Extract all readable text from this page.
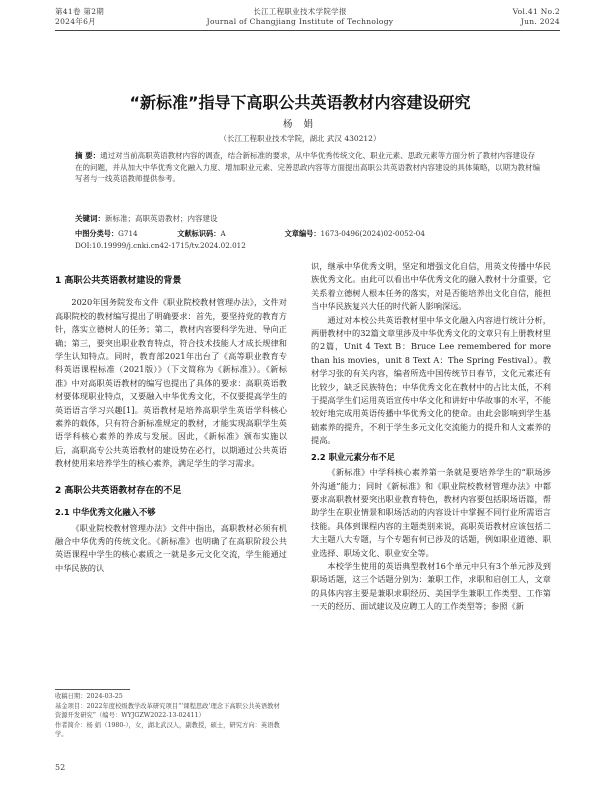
第41卷 第2期
2024年6月
长江工程职业技术学院学报
Journal of Changjiang Institute of Technology
Vol.41 No.2
Jun. 2024
“新标准”指导下高职公共英语教材内容建设研究
杨 娟
（长江工程职业技术学院，湖北 武汉 430212）
摘 要：通过对当前高职英语教材内容的调查，结合新标准的要求，从中华优秀传统文化、职业元素、思政元素等方面分析了教材内容建设存在的问题，并从加大中华优秀文化融入力度、增加职业元素、完善思政内容等方面提出高职公共英语教材内容建设的具体策略，以期为教材编写者与一线英语教师提供参考。
关键词：新标准；高职英语教材；内容建设
中图分类号：G714	文献标识码：A	文章编号：1673-0496(2024)02-0052-04
DOI:10.19999/j.cnki.cn42-1715/tv.2024.02.012

1 高职公共英语教材建设的背景

2020年国务院发布文件《职业院校教材管理办法》，文件对高职院校的教材编写提出了明确要求：首先，要坚持党的教育方针，落实立德树人的任务；第二，教材内容要科学先进、导向正确；第三，要突出职业教育特点，符合技术技能人才成长规律和学生认知特点。同时，教育部2021年出台了《高等职业教育专科英语课程标准（2021版）》（下文简称为《新标准》）。《新标准》中对高职英语教材的编写也提出了具体的要求：高职英语教材要体现职业特点，又要融入中华优秀文化，不仅要提高学生的英语语言学习兴趣[1]。英语教材是培养高职学生英语学科核心素养的载体，只有符合新标准规定的教材，才能实现高职学生英语学科核心素养的养成与发展。因此，《新标准》颁布实施以后，高职高专公共英语教材的建设势在必行，以期通过公共英语教材使用来培养学生的核心素养，满足学生的学习需求。

2 高职公共英语教材存在的不足

2.1 中华优秀文化融入不够

《职业院校教材管理办法》文件中指出，高职教材必须有机融合中华优秀的传统文化。《新标准》也明确了在高职阶段公共英语课程中学生的核心素质之一就是多元文化交流，学生能通过中华民族的认

识，继承中华优秀文明，坚定和增强文化自信，用英文传播中华民族优秀文化。由此可以看出中华优秀文化的融入教材十分重要，它关系着立德树人根本任务的落实，对是否能培养出文化自信，能担当中华民族复兴大任的时代新人影响深远。

通过对本校公共英语教材里中华文化融入内容进行统计分析，两册教材中的32篇文章里涉及中华优秀文化的文章只有上册教材里的2篇，Unit 4 Text B：Bruce Lee remembered for more than his movies，unit 8 Text A：The Spring Festival）。教材学习张的有关内容，编者所选中国传统节日春节，文化元素还有比较少，缺乏民族特色；中华优秀文化在教材中的占比太低，不利于提高学生们运用英语宣传中华文化和讲好中华故事的水平，不能较好地完成用英语传播中华优秀文化的使命。由此会影响到学生基础素养的提升，不利于学生多元文化交流能力的提升和人文素养的提高。

2.2 职业元素分布不足

《新标准》中学科核心素养第一条就是要培养学生的“职场涉外沟通”能力；同时《新标准》和《职业院校教材管理办法》中都要求高职教材要突出职业教育特色，教材内容要包括职场语篇，帮助学生在职业情景和职场活动的内容设计中掌握不同行业所需语言技能。具体到课程内容的主题类别来说，高职英语教材应该包括二大主题八大专题，与个专题有何已涉及的话题，例如职业道德、职业选择、职场文化、职业安全等。

本校学生使用的英语典型教材16个单元中只有3个单元涉及到职场话题，这三个话题分别为：兼职工作，求职和启创工人，文章的具体内容主要是兼职求职经历、美国学生兼职工作类型、工作第一天的经历、面试建议及应聘工人的工作类型等；参照《新

收稿日期：2024-03-25
基金项目：2022年度校级教学改革研究项目“‘课程思政’理念下高职公共英语教材资源开发研究”（编号：WYJGZW2022-13-02411）
作者简介：杨 娟（1980-），女，湖北武汉人，副教授，硕士，研究方向：英语教学。
52
